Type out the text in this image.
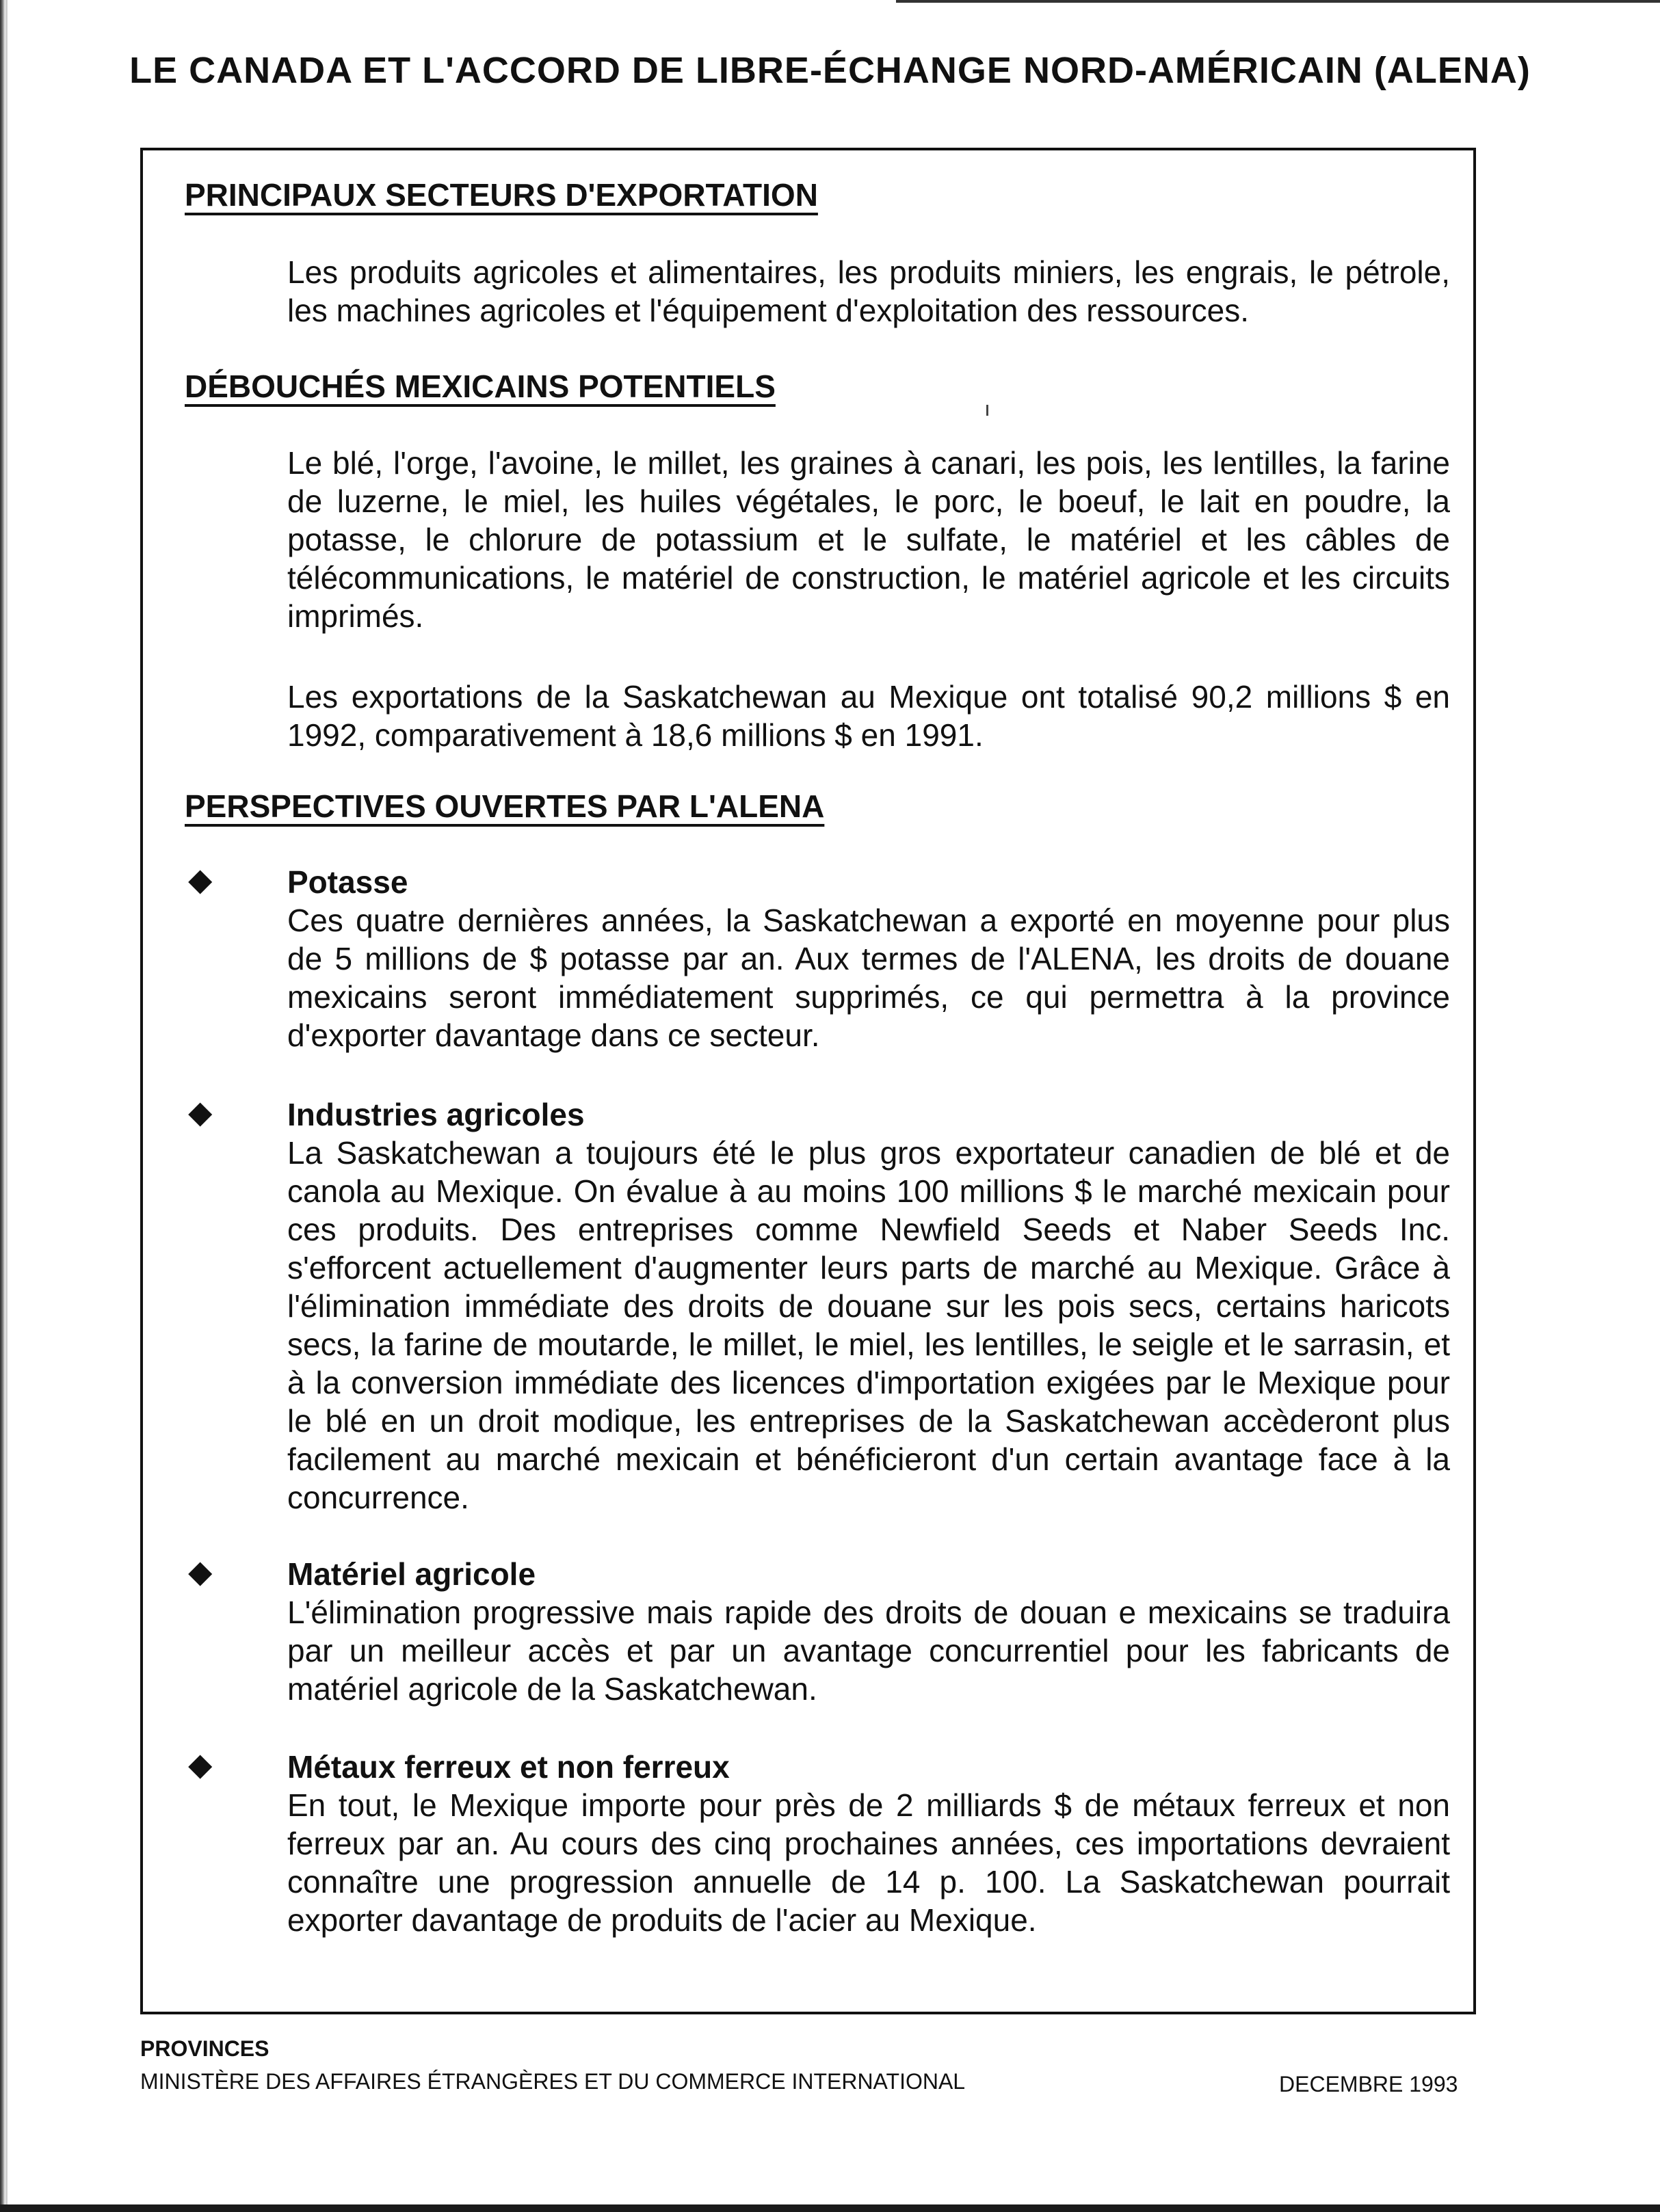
LE CANADA ET L'ACCORD DE LIBRE-ÉCHANGE NORD-AMÉRICAIN (ALENA)
PRINCIPAUX SECTEURS D'EXPORTATION

Les produits agricoles et alimentaires, les produits miniers, les engrais, le pétrole, les machines agricoles et l'équipement d'exploitation des ressources.

DÉBOUCHÉS MEXICAINS POTENTIELS

Le blé, l'orge, l'avoine, le millet, les graines à canari, les pois, les lentilles, la farine de luzerne, le miel, les huiles végétales, le porc, le boeuf, le lait en poudre, la potasse, le chlorure de potassium et le sulfate, le matériel et les câbles de télécommunications, le matériel de construction, le matériel agricole et les circuits imprimés.

Les exportations de la Saskatchewan au Mexique ont totalisé 90,2 millions $ en 1992, comparativement à 18,6 millions $ en 1991.

PERSPECTIVES OUVERTES PAR L'ALENA
◆ Potasse

Ces quatre dernières années, la Saskatchewan a exporté en moyenne pour plus de 5 millions de $ potasse par an. Aux termes de l'ALENA, les droits de douane mexicains seront immédiatement supprimés, ce qui permettra à la province d'exporter davantage dans ce secteur.

◆ Industries agricoles

La Saskatchewan a toujours été le plus gros exportateur canadien de blé et de canola au Mexique. On évalue à au moins 100 millions $ le marché mexicain pour ces produits. Des entreprises comme Newfield Seeds et Naber Seeds Inc. s'efforcent actuellement d'augmenter leurs parts de marché au Mexique. Grâce à l'élimination immédiate des droits de douane sur les pois secs, certains haricots secs, la farine de moutarde, le millet, le miel, les lentilles, le seigle et le sarrasin, et à la conversion immédiate des licences d'importation exigées par le Mexique pour le blé en un droit modique, les entreprises de la Saskatchewan accèderont plus facilement au marché mexicain et bénéficieront d'un certain avantage face à la concurrence.

◆ Matériel agricole

L'élimination progressive mais rapide des droits de douan e mexicains se traduira par un meilleur accès et par un avantage concurrentiel pour les fabricants de matériel agricole de la Saskatchewan.

◆ Métaux ferreux et non ferreux

En tout, le Mexique importe pour près de 2 milliards $ de métaux ferreux et non ferreux par an. Au cours des cinq prochaines années, ces importations devraient connaître une progression annuelle de 14 p. 100. La Saskatchewan pourrait exporter davantage de produits de l'acier au Mexique.

PROVINCES

MINISTÈRE DES AFFAIRES ÉTRANGÈRES ET DU COMMERCE INTERNATIONAL	DECEMBRE 1993
